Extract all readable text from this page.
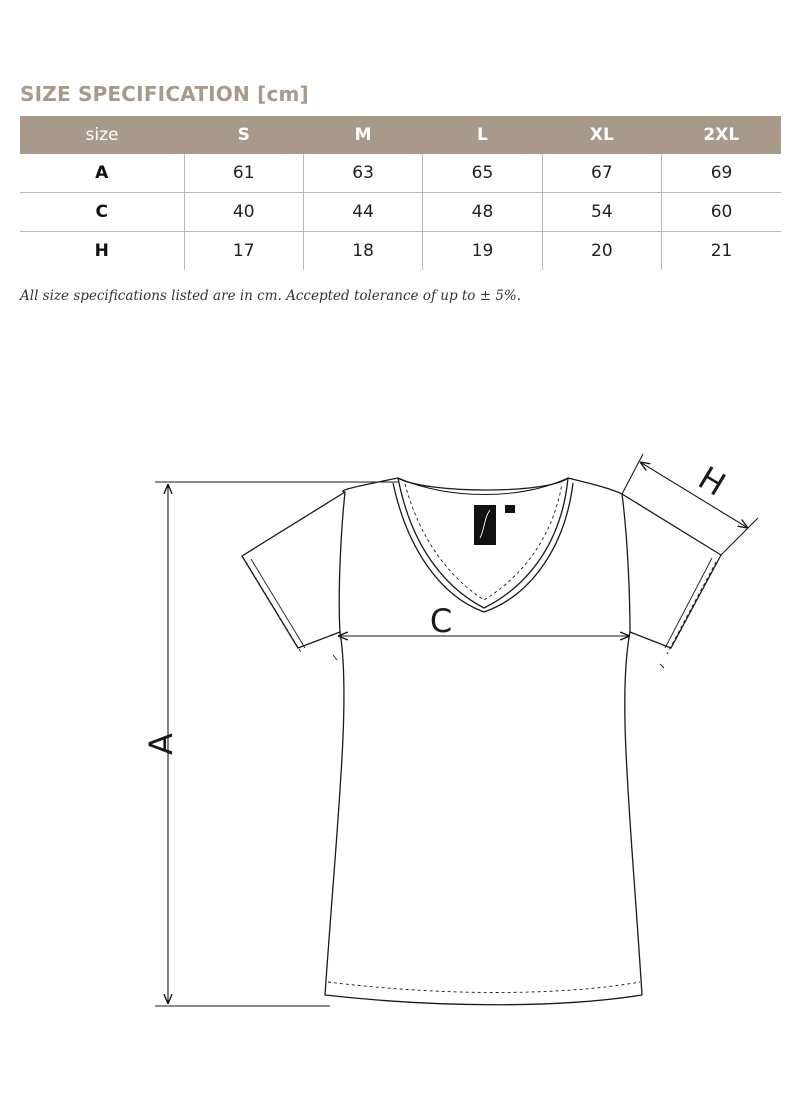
SIZE SPECIFICATION [cm]
size	S	M	L	XL	2XL
A	61	63	65	67	69
C	40	44	48	54	60
H	17	18	19	20	21
All size specifications listed are in cm. Accepted tolerance of up to ± 5%.
A
C
H
